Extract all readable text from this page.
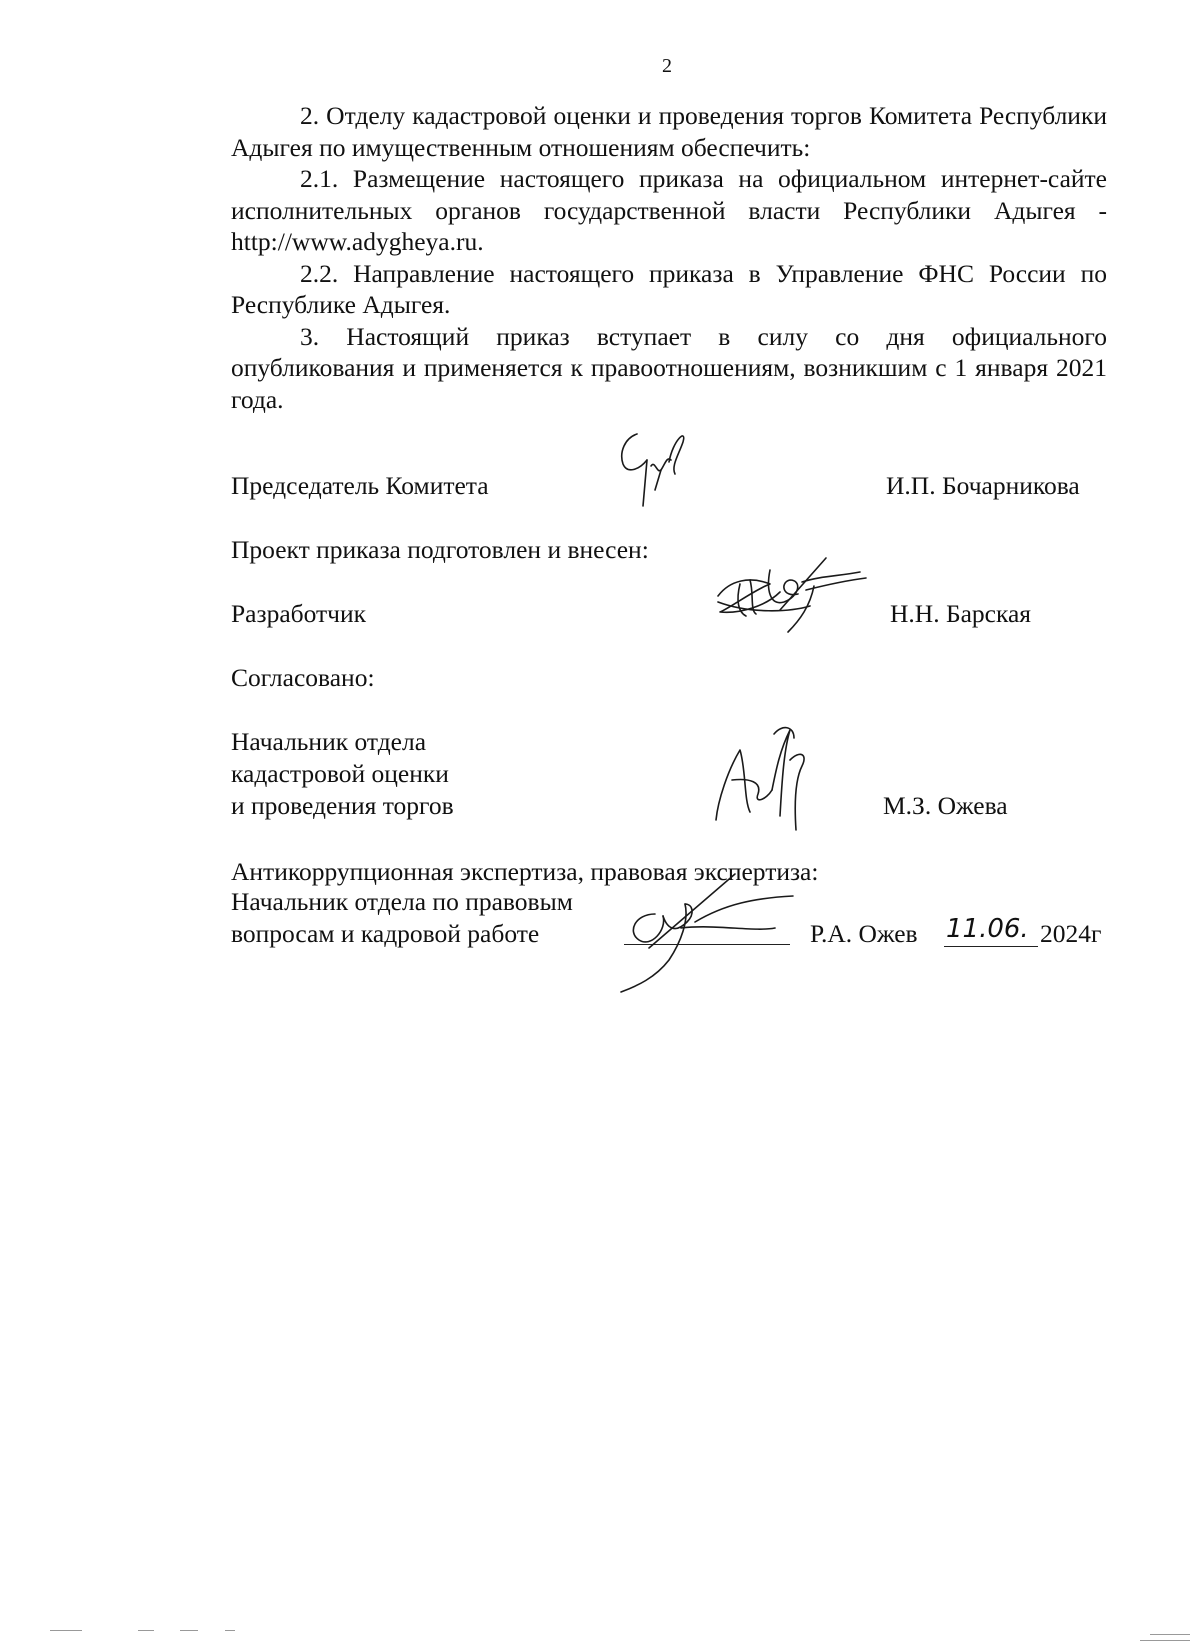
2

2. Отделу кадастровой оценки и проведения торгов Комитета Республики Адыгея по имущественным отношениям обеспечить:

2.1. Размещение настоящего приказа на официальном интернет-сайте исполнительных органов государственной власти Республики Адыгея - http://www.adygheya.ru.

2.2. Направление настоящего приказа в Управление ФНС России по Республике Адыгея.

3. Настоящий приказ вступает в силу со дня официального опубликования и применяется к правоотношениям, возникшим с 1 января 2021 года.

Председатель Комитета	И.П. Бочарникова
Проект приказа подготовлен и внесен:
Разработчик	Н.Н. Барская
Согласовано:
Начальник отдела
кадастровой оценки
и проведения торгов	М.З. Ожева
Антикоррупционная экспертиза, правовая экспертиза:
Начальник отдела по правовым
вопросам и кадровой работе	Р.А. Ожев 11.06. 2024г
